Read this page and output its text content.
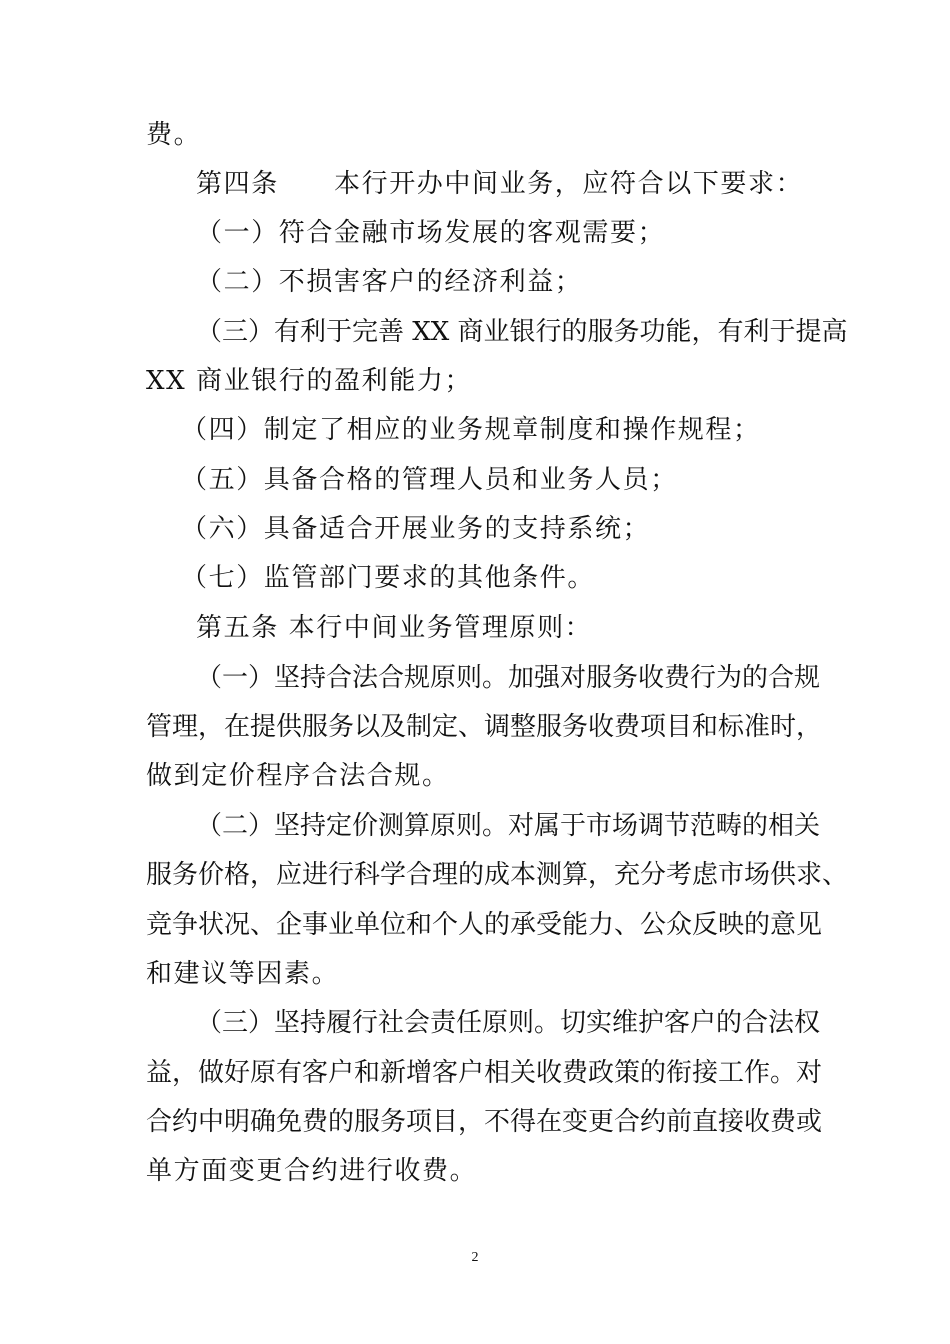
费。
第四条　　本行开办中间业务，应符合以下要求：
（一）符合金融市场发展的客观需要；
（二）不损害客户的经济利益；
（三）有利于完善 XX 商业银行的服务功能，有利于提高
XX 商业银行的盈利能力；
（四）制定了相应的业务规章制度和操作规程；
（五）具备合格的管理人员和业务人员；
（六）具备适合开展业务的支持系统；
（七）监管部门要求的其他条件。
第五条 本行中间业务管理原则：
（一）坚持合法合规原则。加强对服务收费行为的合规
管理，在提供服务以及制定、调整服务收费项目和标准时，
做到定价程序合法合规。
（二）坚持定价测算原则。对属于市场调节范畴的相关
服务价格，应进行科学合理的成本测算，充分考虑市场供求、
竞争状况、企事业单位和个人的承受能力、公众反映的意见
和建议等因素。
（三）坚持履行社会责任原则。切实维护客户的合法权
益，做好原有客户和新增客户相关收费政策的衔接工作。对
合约中明确免费的服务项目，不得在变更合约前直接收费或
单方面变更合约进行收费。
2
